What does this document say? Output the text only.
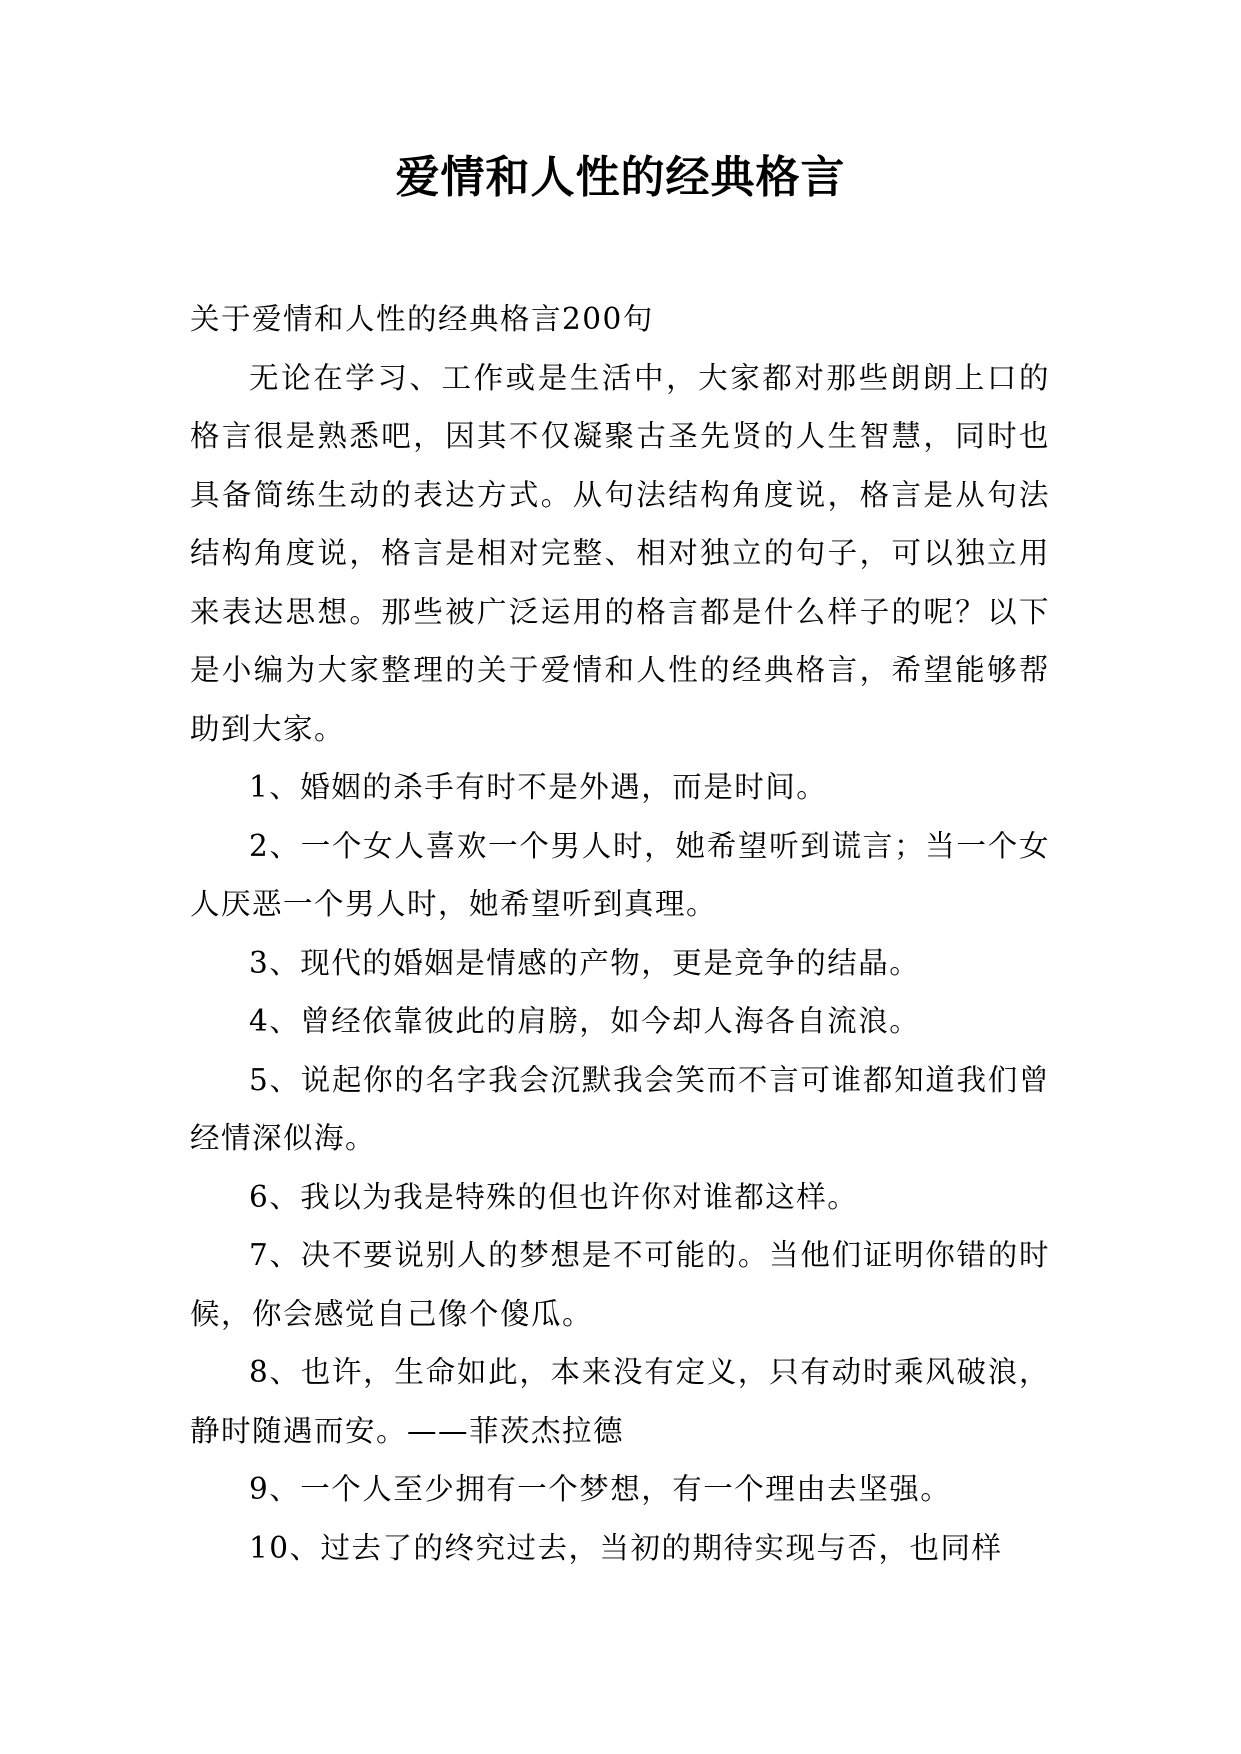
爱情和人性的经典格言

关于爱情和人性的经典格言200句

无论在学习、工作或是生活中，大家都对那些朗朗上口的格言很是熟悉吧，因其不仅凝聚古圣先贤的人生智慧，同时也具备简练生动的表达方式。从句法结构角度说，格言是从句法结构角度说，格言是相对完整、相对独立的句子，可以独立用来表达思想。那些被广泛运用的格言都是什么样子的呢？以下是小编为大家整理的关于爱情和人性的经典格言，希望能够帮助到大家。

1、婚姻的杀手有时不是外遇，而是时间。

2、一个女人喜欢一个男人时，她希望听到谎言；当一个女人厌恶一个男人时，她希望听到真理。

3、现代的婚姻是情感的产物，更是竞争的结晶。

4、曾经依靠彼此的肩膀，如今却人海各自流浪。

5、说起你的名字我会沉默我会笑而不言可谁都知道我们曾经情深似海。

6、我以为我是特殊的但也许你对谁都这样。

7、决不要说别人的梦想是不可能的。当他们证明你错的时候，你会感觉自己像个傻瓜。

8、也许，生命如此，本来没有定义，只有动时乘风破浪，静时随遇而安。——菲茨杰拉德

9、一个人至少拥有一个梦想，有一个理由去坚强。

10、过去了的终究过去，当初的期待实现与否，也同样
